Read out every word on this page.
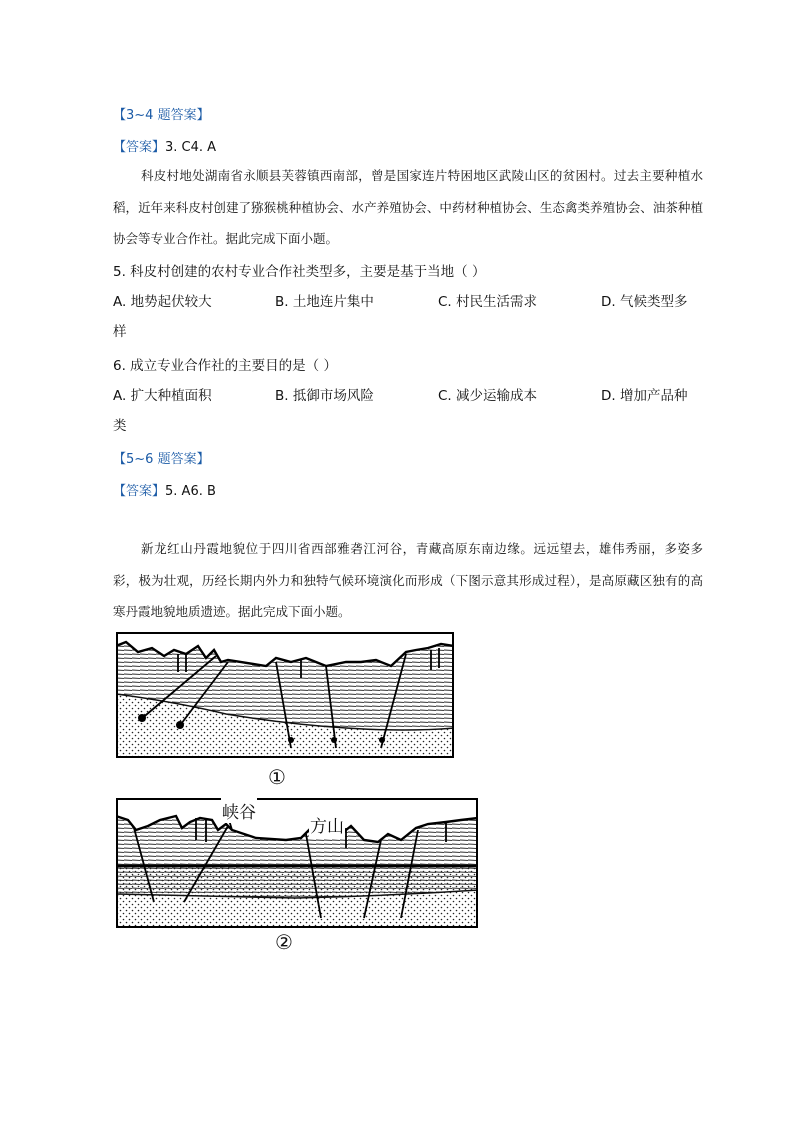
【3~4 题答案】
【答案】3. C4. A
科皮村地处湖南省永顺县芙蓉镇西南部，曾是国家连片特困地区武陵山区的贫困村。过去主要种植水稻，近年来科皮村创建了猕猴桃种植协会、水产养殖协会、中药材种植协会、生态禽类养殖协会、油茶种植协会等专业合作社。据此完成下面小题。
5. 科皮村创建的农村专业合作社类型多，主要是基于当地（ ）
A. 地势起伏较大	B. 土地连片集中	C. 村民生活需求	D. 气候类型多
样
6. 成立专业合作社的主要目的是（ ）
A. 扩大种植面积	B. 抵御市场风险	C. 减少运输成本	D. 增加产品种
类
【5~6 题答案】
【答案】5. A6. B
新龙红山丹霞地貌位于四川省西部雅砻江河谷，青藏高原东南边缘。远远望去，雄伟秀丽，多姿多彩，极为壮观，历经长期内外力和独特气候环境演化而形成（下图示意其形成过程），是高原藏区独有的高寒丹霞地貌地质遗迹。据此完成下面小题。
①
峡谷
方山
②
